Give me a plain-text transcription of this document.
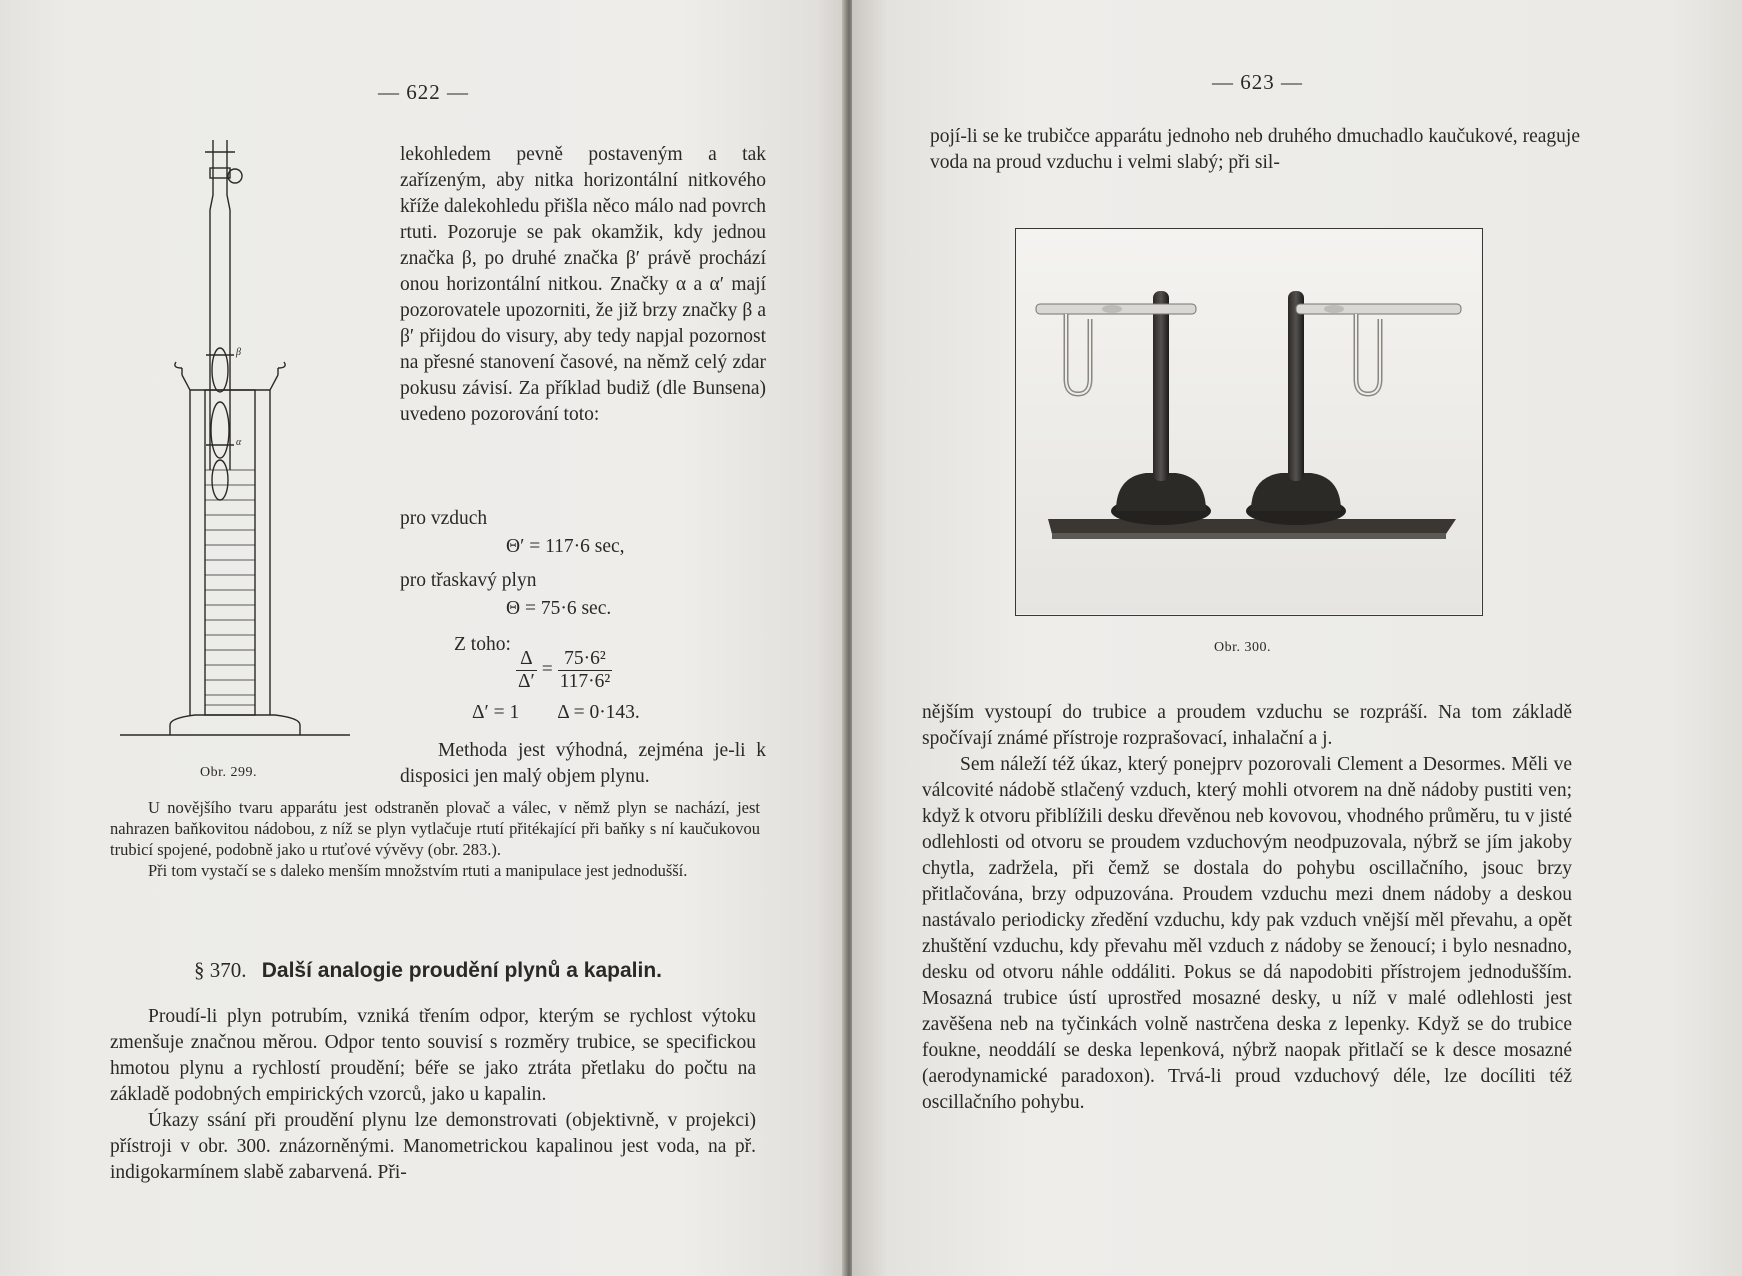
— 622 —
β
α
Obr. 299.

lekohledem pevně postaveným a tak zařízeným, aby nitka horizontální nitkového kříže dalekohledu přišla něco málo nad povrch rtuti. Pozoruje se pak okamžik, kdy jednou značka β, po druhé značka β′ právě prochází onou horizontální nitkou. Značky α a α′ mají pozorovatele upozorniti, že již brzy značky β a β′ přijdou do visury, aby tedy napjal pozornost na přesné stanovení časové, na němž celý zdar pokusu závisí. Za příklad budiž (dle Bunsena) uvedeno pozorování toto:

pro vzduch
Θ′ = 117·6 sec,
pro třaskavý plyn
Θ = 75·6 sec.
Z toho:
$\frac{\Delta}{\Delta'} = \frac{\text{75·6²}}{\text{117·6²}}$
Δ′ = 1        Δ = 0·143.
Methoda jest výhodná, zejména je-li k disposici jen malý objem plynu.

U novějšího tvaru apparátu jest odstraněn plovač a válec, v němž plyn se nachází, jest nahrazen baňkovitou nádobou, z níž se plyn vytlačuje rtutí přitékající při baňky s ní kaučukovou trubicí spojené, podobně jako u rtuťové vývěvy (obr. 283.).

Při tom vystačí se s daleko menším množstvím rtuti a manipulace jest jednodušší.

§ 370. Další analogie proudění plynů a kapalin.

Proudí-li plyn potrubím, vzniká třením odpor, kterým se rychlost výtoku zmenšuje značnou měrou. Odpor tento souvisí s rozměry trubice, se specifickou hmotou plynu a rychlostí proudění; béře se jako ztráta přetlaku do počtu na základě podobných empirických vzorců, jako u kapalin.

Úkazy ssání při proudění plynu lze demonstrovati (objektivně, v projekci) přístroji v obr. 300. znázorněnými. Manometrickou kapalinou jest voda, na př. indigokarmínem slabě zabarvená. Při-

— 623 —
pojí-li se ke trubičce apparátu jednoho neb druhého dmuchadlo kaučukové, reaguje voda na proud vzduchu i velmi slabý; při sil-
Obr. 300.

nějším vystoupí do trubice a proudem vzduchu se rozpráší. Na tom základě spočívají známé přístroje rozprašovací, inhalační a j.

Sem náleží též úkaz, který ponejprv pozorovali Clement a Desormes. Měli ve válcovité nádobě stlačený vzduch, který mohli otvorem na dně nádoby pustiti ven; když k otvoru přiblížili desku dřevěnou neb kovovou, vhodného průměru, tu v jisté odlehlosti od otvoru se proudem vzduchovým neodpuzovala, nýbrž se jím jakoby chytla, zadržela, při čemž se dostala do pohybu oscillačního, jsouc brzy přitlačována, brzy odpuzována. Proudem vzduchu mezi dnem nádoby a deskou nastávalo periodicky zředění vzduchu, kdy pak vzduch vnější měl převahu, a opět zhuštění vzduchu, kdy převahu měl vzduch z nádoby se ženoucí; i bylo nesnadno, desku od otvoru náhle oddáliti. Pokus se dá napodobiti přístrojem jednodušším. Mosazná trubice ústí uprostřed mosazné desky, u níž v malé odlehlosti jest zavěšena neb na tyčinkách volně nastrčena deska z lepenky. Když se do trubice foukne, neoddálí se deska lepenková, nýbrž naopak přitlačí se k desce mosazné (aerodynamické paradoxon). Trvá-li proud vzduchový déle, lze docíliti též oscillačního pohybu.
